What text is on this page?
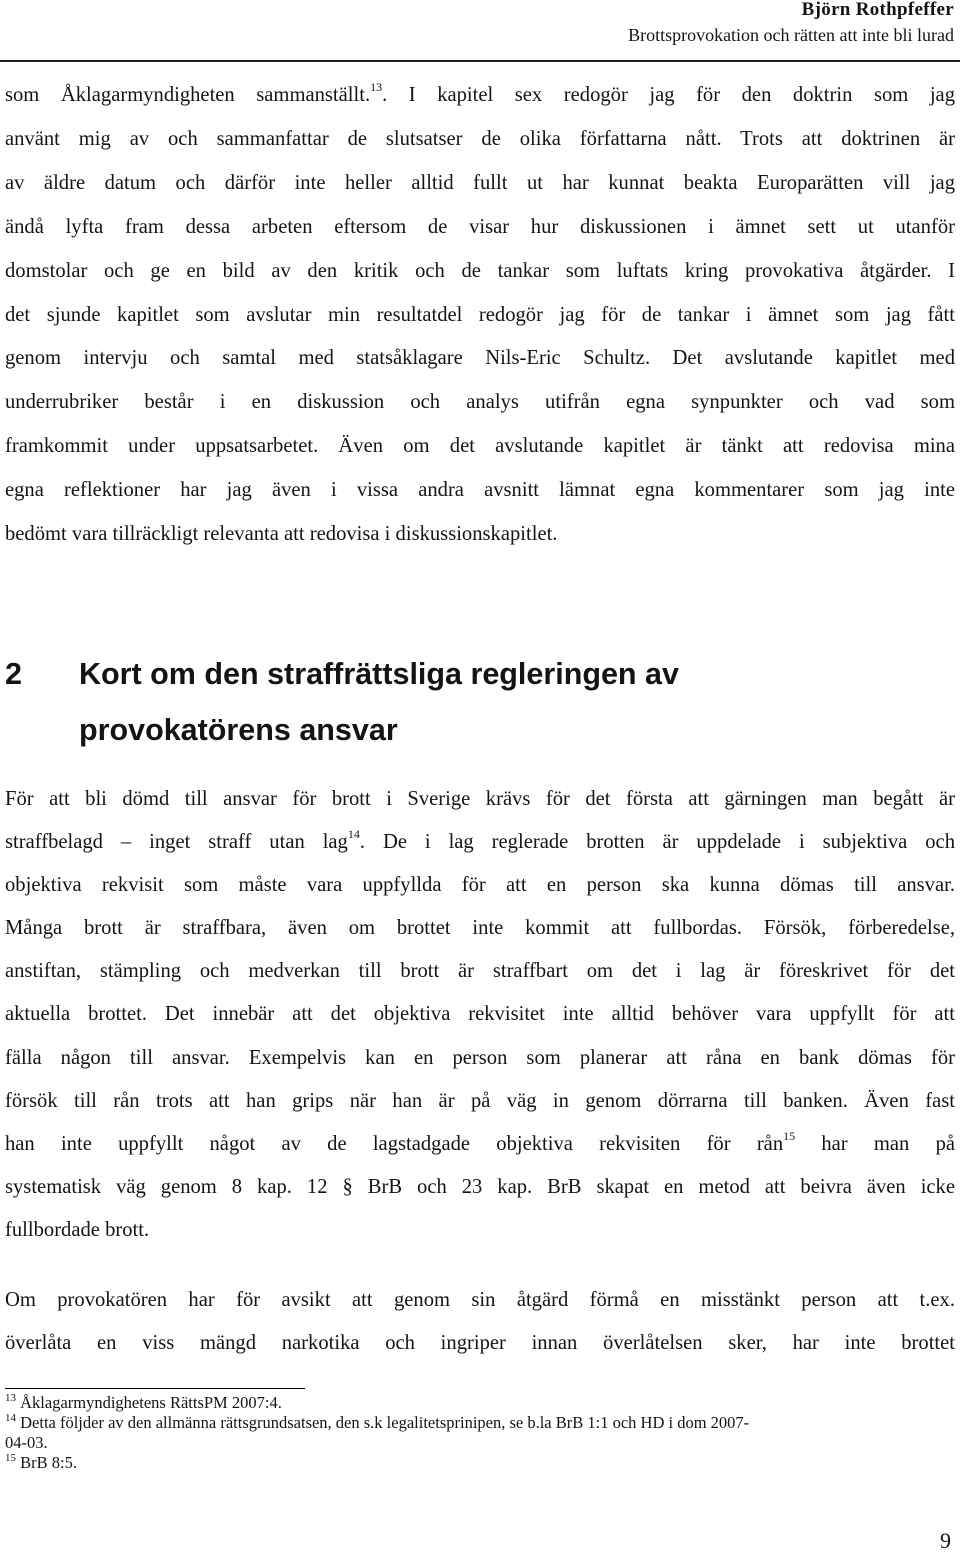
Björn Rothpfeffer
Brottsprovokation och rätten att inte bli lurad
som Åklagarmyndigheten sammanställt.$^{13}$. I kapitel sex redogör jag för den doktrin som jag
använt mig av och sammanfattar de slutsatser de olika författarna nått. Trots att doktrinen är
av äldre datum och därför inte heller alltid fullt ut har kunnat beakta Europarätten vill jag
ändå lyfta fram dessa arbeten eftersom de visar hur diskussionen i ämnet sett ut utanför
domstolar och ge en bild av den kritik och de tankar som luftats kring provokativa åtgärder. I
det sjunde kapitlet som avslutar min resultatdel redogör jag för de tankar i ämnet som jag fått
genom intervju och samtal med statsåklagare Nils-Eric Schultz. Det avslutande kapitlet med
underrubriker består i en diskussion och analys utifrån egna synpunkter och vad som
framkommit under uppsatsarbetet. Även om det avslutande kapitlet är tänkt att redovisa mina
egna reflektioner har jag även i vissa andra avsnitt lämnat egna kommentarer som jag inte
bedömt vara tillräckligt relevanta att redovisa i diskussionskapitlet.
2 Kort om den straffrättsliga regleringen av
provokatörens ansvar
För att bli dömd till ansvar för brott i Sverige krävs för det första att gärningen man begått är
straffbelagd – inget straff utan lag$^{14}$. De i lag reglerade brotten är uppdelade i subjektiva och
objektiva rekvisit som måste vara uppfyllda för att en person ska kunna dömas till ansvar.
Många brott är straffbara, även om brottet inte kommit att fullbordas. Försök, förberedelse,
anstiftan, stämpling och medverkan till brott är straffbart om det i lag är föreskrivet för det
aktuella brottet. Det innebär att det objektiva rekvisitet inte alltid behöver vara uppfyllt för att
fälla någon till ansvar. Exempelvis kan en person som planerar att råna en bank dömas för
försök till rån trots att han grips när han är på väg in genom dörrarna till banken. Även fast
han inte uppfyllt något av de lagstadgade objektiva rekvisiten för rån$^{15}$ har man på
systematisk väg genom 8 kap. 12 § BrB och 23 kap. BrB skapat en metod att beivra även icke
fullbordade brott.
Om provokatören har för avsikt att genom sin åtgärd förmå en misstänkt person att t.ex.
överlåta en viss mängd narkotika och ingriper innan överlåtelsen sker, har inte brottet
$^{13}$ Åklagarmyndighetens RättsPM 2007:4.
$^{14}$ Detta följder av den allmänna rättsgrundsatsen, den s.k legalitetsprinipen, se b.la BrB 1:1 och HD i dom 2007-
04-03.
$^{15}$ BrB 8:5.
9
